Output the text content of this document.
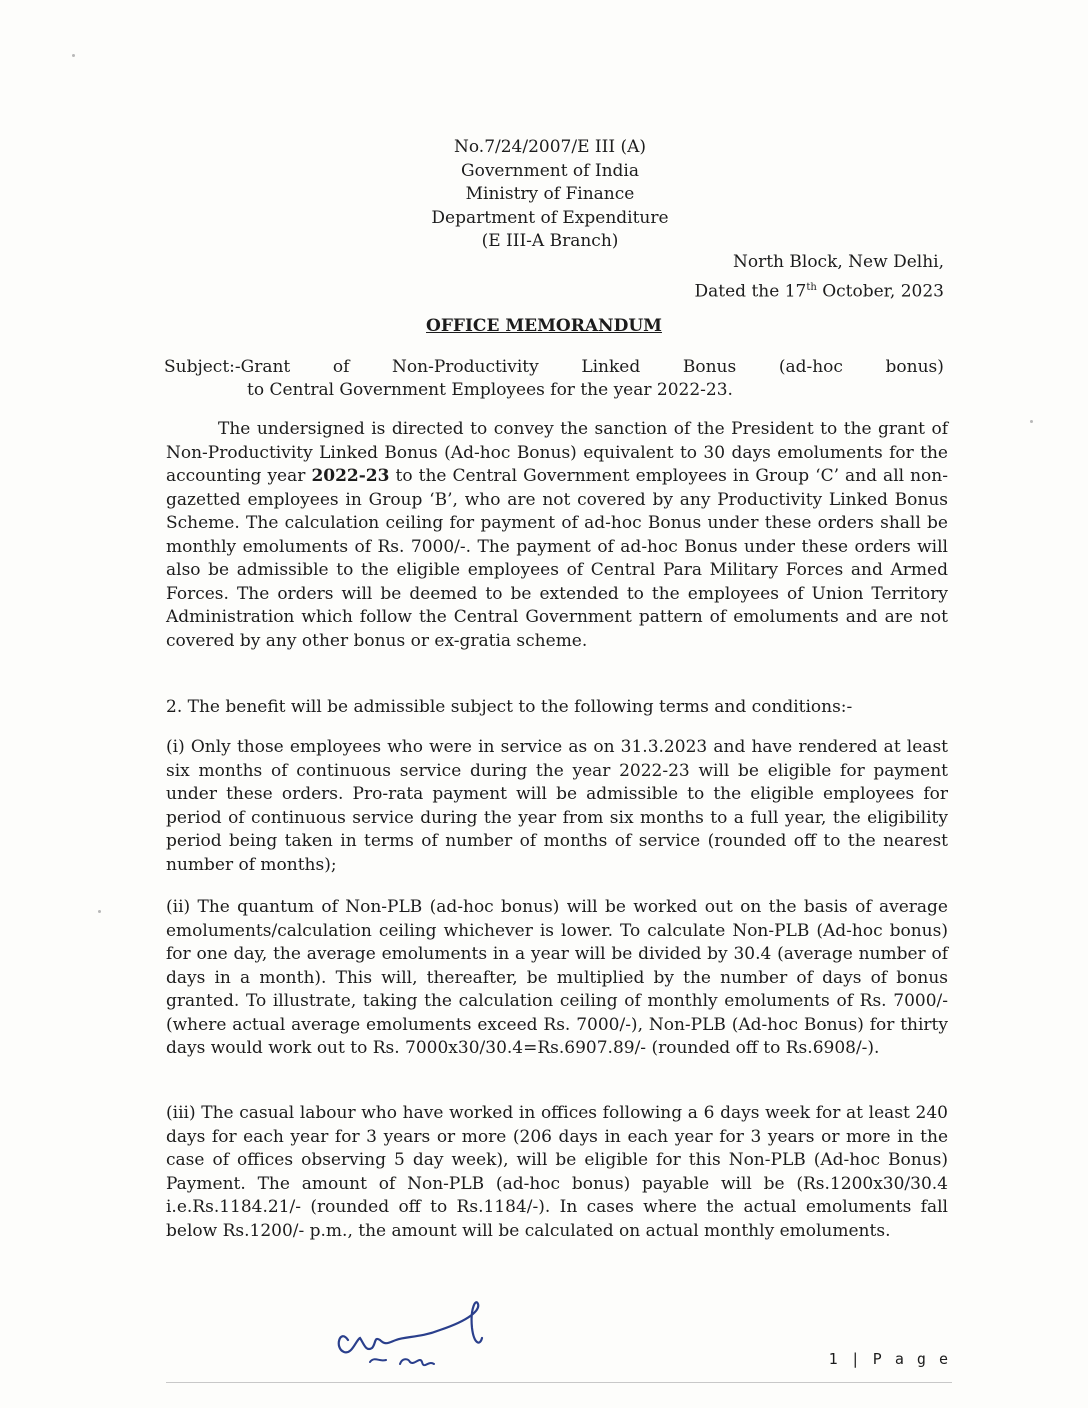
No.7/24/2007/E III (A)
Government of India
Ministry of Finance
Department of Expenditure
(E III-A Branch)
North Block, New Delhi,
Dated the 17th October, 2023
OFFICE MEMORANDUM
Subject:-Grant	of	Non-Productivity	Linked	Bonus	(ad-hoc	bonus)
to Central Government Employees for the year 2022-23.
The undersigned is directed to convey the sanction of the President to the grant of Non-Productivity Linked Bonus (Ad-hoc Bonus) equivalent to 30 days emoluments for the accounting year 2022-23 to the Central Government employees in Group ‘C’ and all non-gazetted employees in Group ‘B’, who are not covered by any Productivity Linked Bonus Scheme. The calculation ceiling for payment of ad-hoc Bonus under these orders shall be monthly emoluments of Rs. 7000/-. The payment of ad-hoc Bonus under these orders will also be admissible to the eligible employees of Central Para Military Forces and Armed Forces. The orders will be deemed to be extended to the employees of Union Territory Administration which follow the Central Government pattern of emoluments and are not covered by any other bonus or ex-gratia scheme.
2. The benefit will be admissible subject to the following terms and conditions:-
(i) Only those employees who were in service as on 31.3.2023 and have rendered at least six months of continuous service during the year 2022-23 will be eligible for payment under these orders. Pro-rata payment will be admissible to the eligible employees for period of continuous service during the year from six months to a full year, the eligibility period being taken in terms of number of months of service (rounded off to the nearest number of months);
(ii) The quantum of Non-PLB (ad-hoc bonus) will be worked out on the basis of average emoluments/calculation ceiling whichever is lower. To calculate Non-PLB (Ad-hoc bonus) for one day, the average emoluments in a year will be divided by 30.4 (average number of days in a month). This will, thereafter, be multiplied by the number of days of bonus granted. To illustrate, taking the calculation ceiling of monthly emoluments of Rs. 7000/- (where actual average emoluments exceed Rs. 7000/-), Non-PLB (Ad-hoc Bonus) for thirty days would work out to Rs. 7000x30/30.4=Rs.6907.89/- (rounded off to Rs.6908/-).
(iii) The casual labour who have worked in offices following a 6 days week for at least 240 days for each year for 3 years or more (206 days in each year for 3 years or more in the case of offices observing 5 day week), will be eligible for this Non-PLB (Ad-hoc Bonus) Payment. The amount of Non-PLB (ad-hoc bonus) payable will be (Rs.1200x30/30.4 i.e.Rs.1184.21/- (rounded off to Rs.1184/-). In cases where the actual emoluments fall below Rs.1200/- p.m., the amount will be calculated on actual monthly emoluments.
1 | P a g e
